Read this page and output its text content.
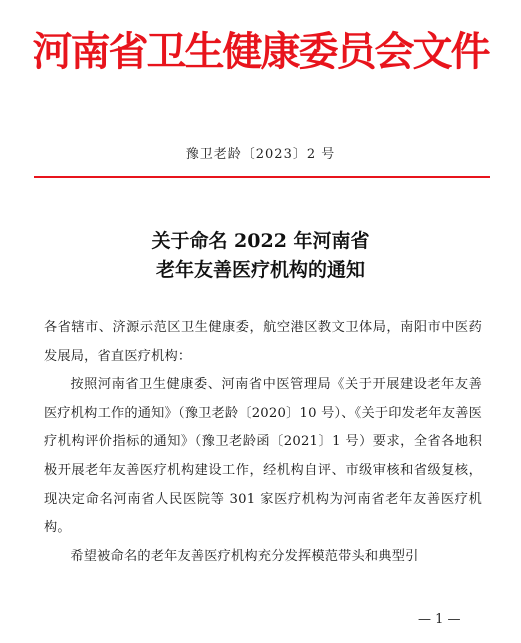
河南省卫生健康委员会文件
豫卫老龄〔2023〕2 号
关于命名 2022 年河南省
老年友善医疗机构的通知

各省辖市、济源示范区卫生健康委，航空港区教文卫体局，南阳市中医药发展局，省直医疗机构：

按照河南省卫生健康委、河南省中医管理局《关于开展建设老年友善医疗机构工作的通知》（豫卫老龄〔2020〕10 号）、《关于印发老年友善医疗机构评价指标的通知》（豫卫老龄函〔2021〕1 号）要求，全省各地积极开展老年友善医疗机构建设工作，经机构自评、市级审核和省级复核，现决定命名河南省人民医院等 301 家医疗机构为河南省老年友善医疗机构。

希望被命名的老年友善医疗机构充分发挥模范带头和典型引

— 1 —
